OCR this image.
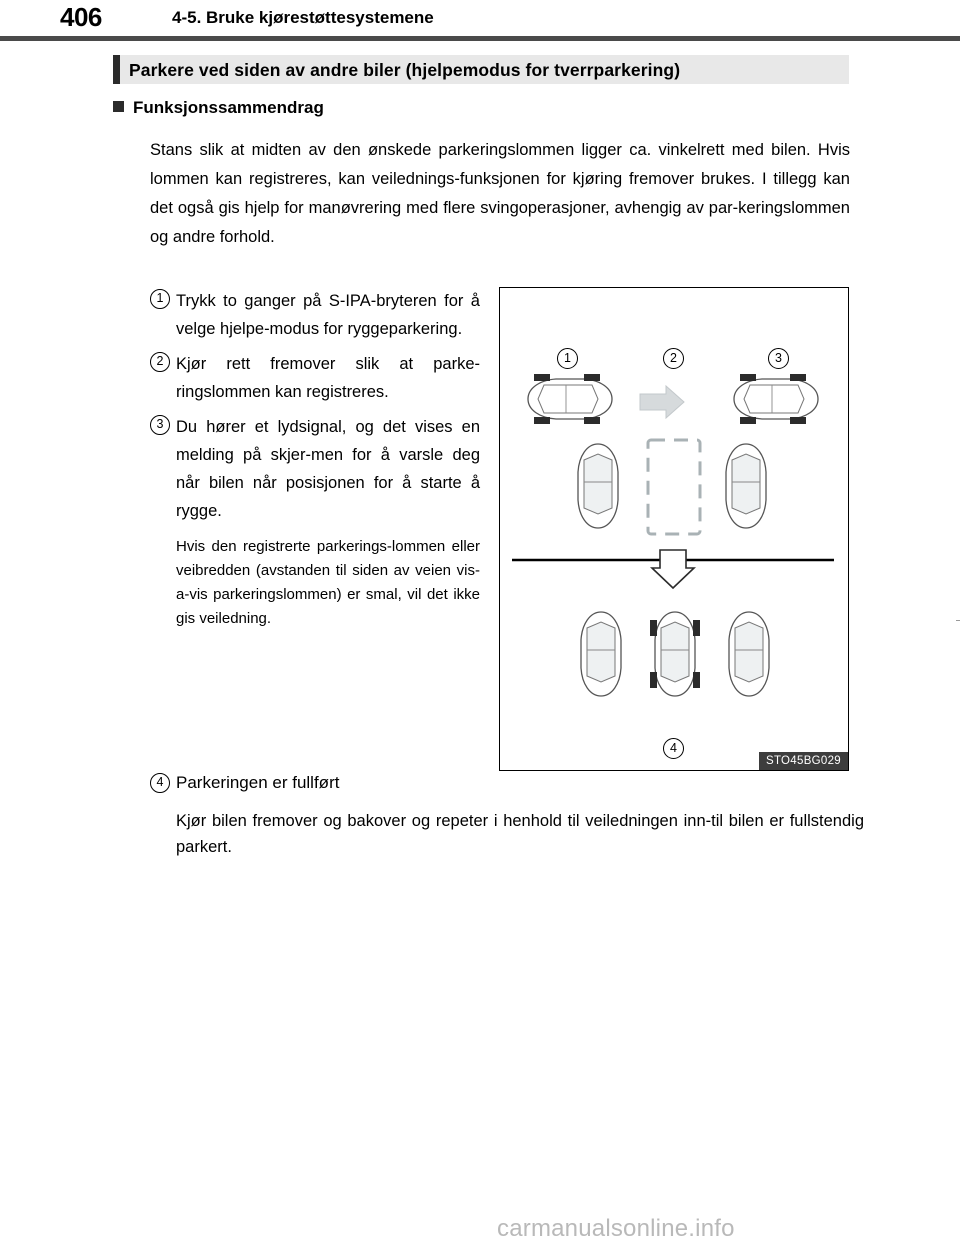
406	4-5. Bruke kjørestøttesystemene
Parkere ved siden av andre biler (hjelpemodus for tverrparkering)
Funksjonssammendrag
Stans slik at midten av den ønskede parkeringslommen ligger ca. vinkelrett med bilen. Hvis lommen kan registreres, kan veilednings-funksjonen for kjøring fremover brukes. I tillegg kan det også gis hjelp for manøvrering med flere svingoperasjoner, avhengig av par-keringslommen og andre forhold.
1 Trykk to ganger på S-IPA-bryteren for å velge hjelpe-modus for ryggeparkering.
2 Kjør rett fremover slik at parke-ringslommen kan registreres.
3 Du hører et lydsignal, og det vises en melding på skjer-men for å varsle deg når bilen når posisjonen for å starte å rygge.
Hvis den registrerte parkerings-lommen eller veibredden (avstanden til siden av veien vis-a-vis parkeringslommen) er smal, vil det ikke gis veiledning.
4 Parkeringen er fullført
Kjør bilen fremover og bakover og repeter i henhold til veiledningen inn-til bilen er fullstendig parkert.
1	2	3
4
STO45BG029
carmanualsonline.info
